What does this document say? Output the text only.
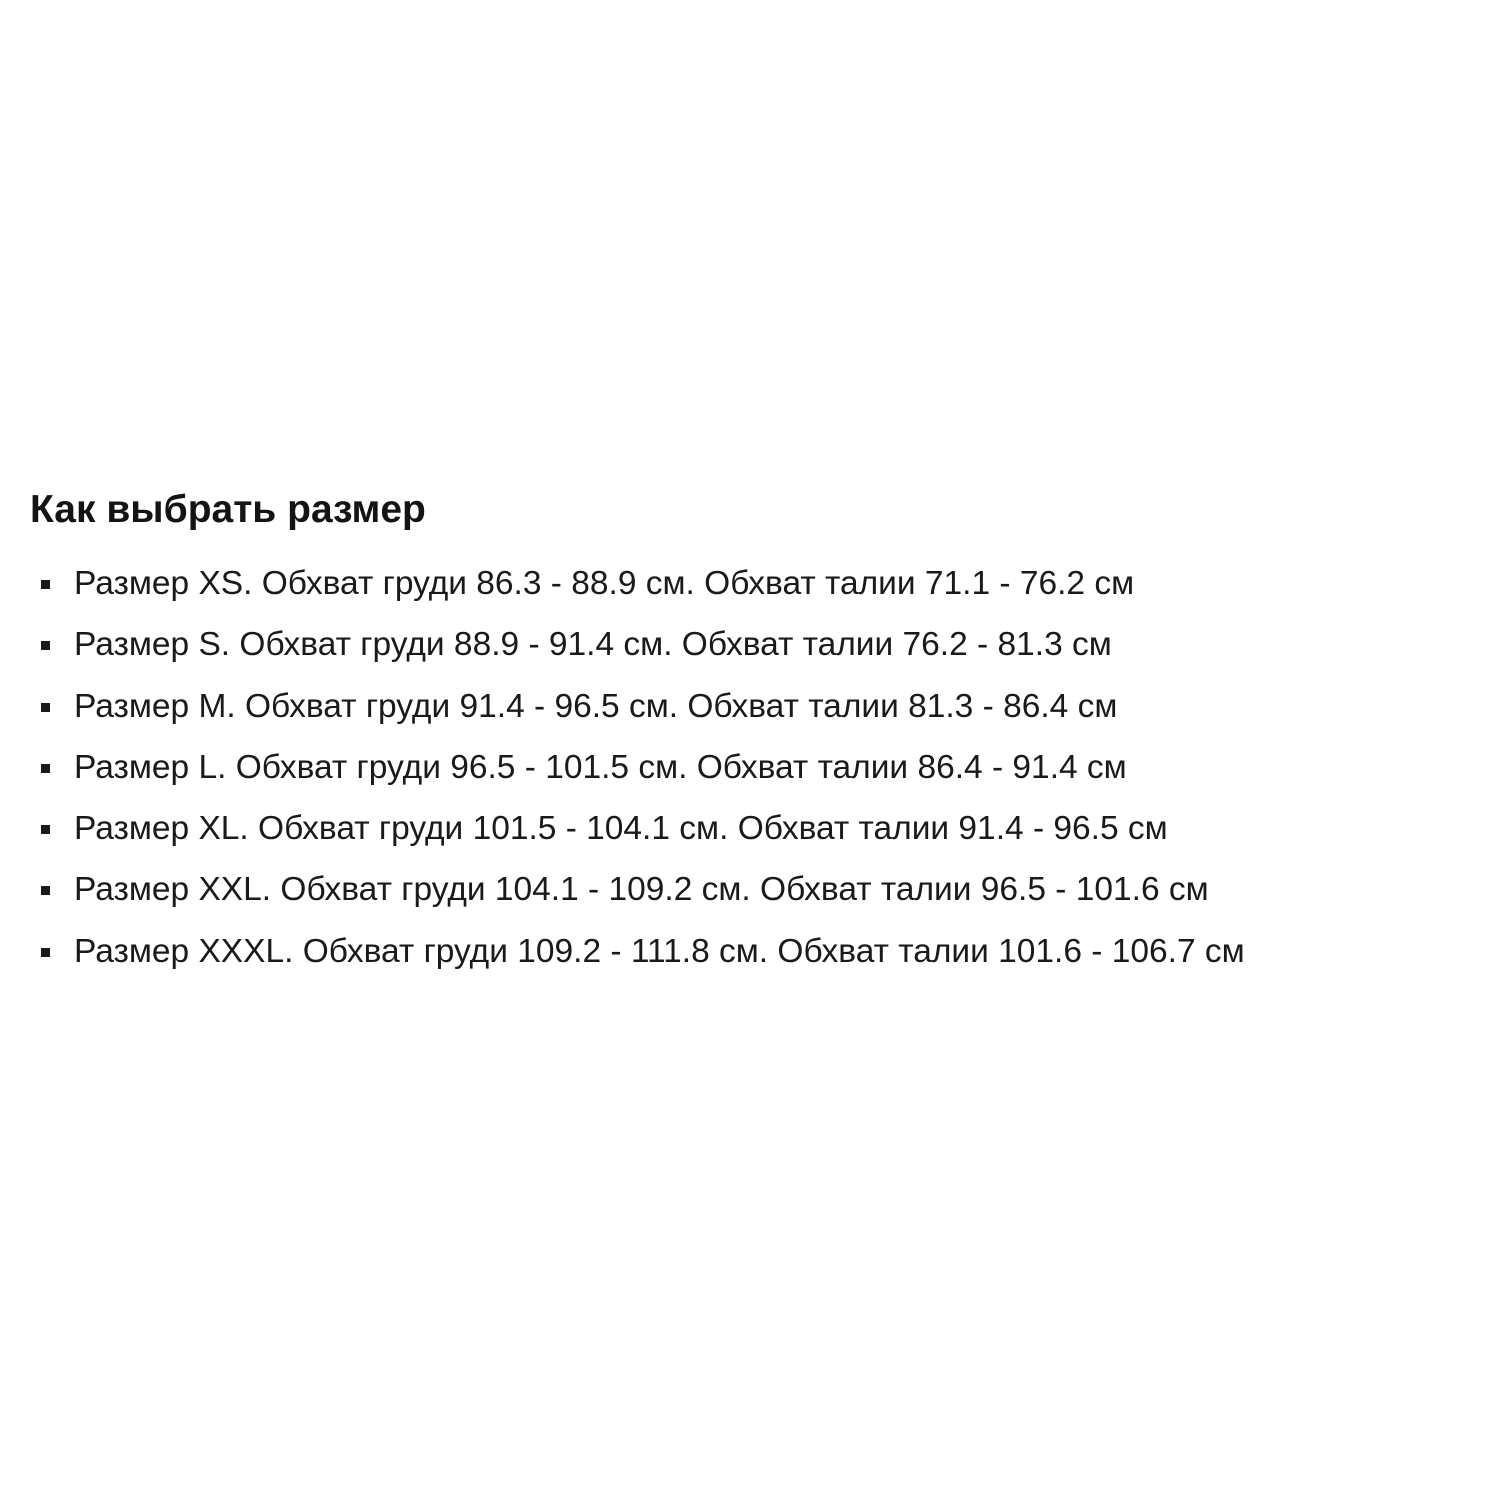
Как выбрать размер
Размер XS. Обхват груди 86.3 - 88.9 см. Обхват талии 71.1 - 76.2 см
Размер S. Обхват груди 88.9 - 91.4 см. Обхват талии 76.2 - 81.3 см
Размер M. Обхват груди 91.4 - 96.5 см. Обхват талии 81.3 - 86.4 см
Размер L. Обхват груди 96.5 - 101.5 см. Обхват талии 86.4 - 91.4 см
Размер XL. Обхват груди 101.5 - 104.1 см. Обхват талии 91.4 - 96.5 см
Размер XXL. Обхват груди 104.1 - 109.2 см. Обхват талии 96.5 - 101.6 см
Размер XXXL. Обхват груди 109.2 - 111.8 см. Обхват талии 101.6 - 106.7 см
